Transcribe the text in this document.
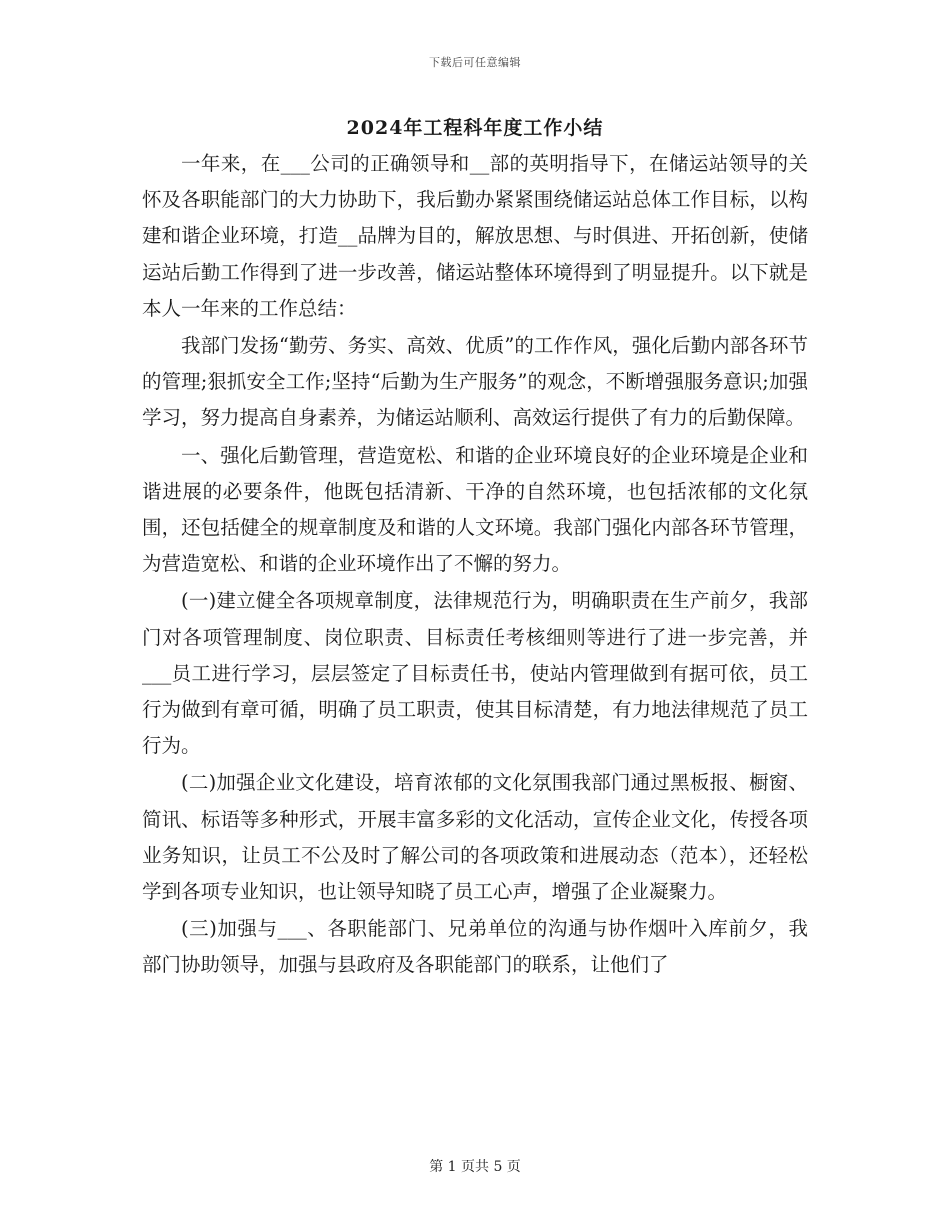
下载后可任意编辑
2024年工程科年度工作小结

一年来，在___公司的正确领导和__部的英明指导下，在储运站领导的关怀及各职能部门的大力协助下，我后勤办紧紧围绕储运站总体工作目标，以构建和谐企业环境，打造__品牌为目的，解放思想、与时俱进、开拓创新，使储运站后勤工作得到了进一步改善，储运站整体环境得到了明显提升。以下就是本人一年来的工作总结：

我部门发扬“勤劳、务实、高效、优质”的工作作风，强化后勤内部各环节的管理;狠抓安全工作;坚持“后勤为生产服务”的观念，不断增强服务意识;加强学习，努力提高自身素养，为储运站顺利、高效运行提供了有力的后勤保障。

一、强化后勤管理，营造宽松、和谐的企业环境良好的企业环境是企业和谐进展的必要条件，他既包括清新、干净的自然环境，也包括浓郁的文化氛围，还包括健全的规章制度及和谐的人文环境。我部门强化内部各环节管理，为营造宽松、和谐的企业环境作出了不懈的努力。

(一)建立健全各项规章制度，法律规范行为，明确职责在生产前夕，我部门对各项管理制度、岗位职责、目标责任考核细则等进行了进一步完善，并___员工进行学习，层层签定了目标责任书，使站内管理做到有据可依，员工行为做到有章可循，明确了员工职责，使其目标清楚，有力地法律规范了员工行为。

(二)加强企业文化建设，培育浓郁的文化氛围我部门通过黑板报、橱窗、简讯、标语等多种形式，开展丰富多彩的文化活动，宣传企业文化，传授各项业务知识，让员工不公及时了解公司的各项政策和进展动态（范本），还轻松学到各项专业知识，也让领导知晓了员工心声，增强了企业凝聚力。

(三)加强与___、各职能部门、兄弟单位的沟通与协作烟叶入库前夕，我部门协助领导，加强与县政府及各职能部门的联系，让他们了

第 1 页共 5 页
